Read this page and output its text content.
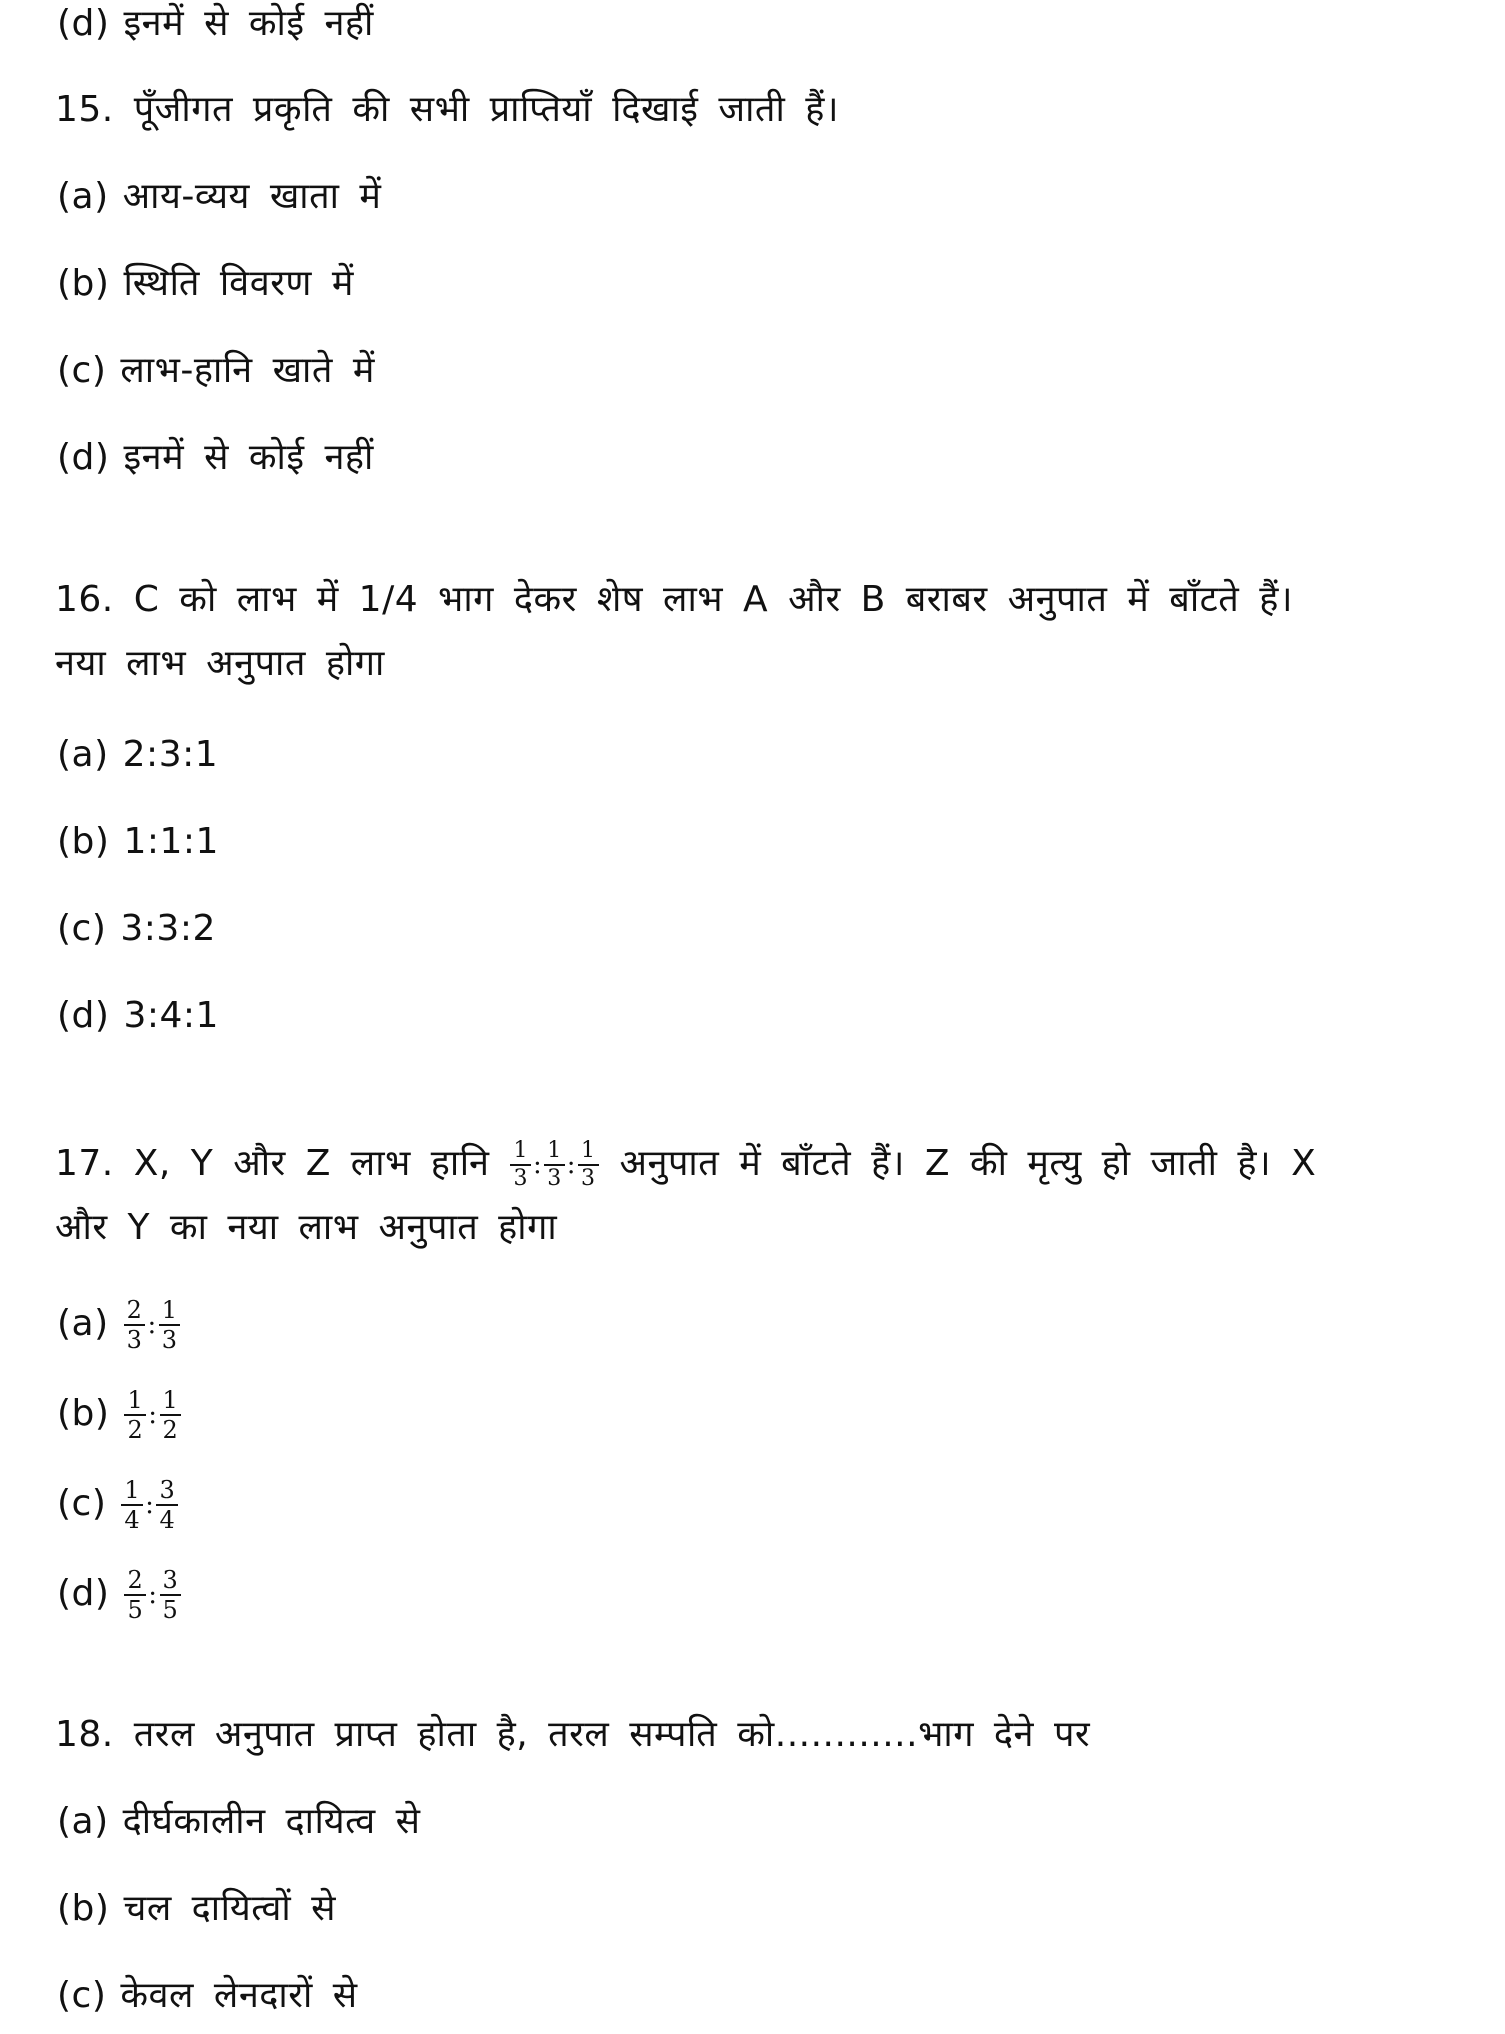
(d) इनमें से कोई नहीं
15. पूँजीगत प्रकृति की सभी प्राप्तियाँ दिखाई जाती हैं।
(a) आय-व्यय खाता में
(b) स्थिति विवरण में
(c) लाभ-हानि खाते में
(d) इनमें से कोई नहीं
16. C को लाभ में 1/4 भाग देकर शेष लाभ A और B बराबर अनुपात में बाँटते हैं।
नया लाभ अनुपात होगा
(a) 2:3:1
(b) 1:1:1
(c) 3:3:2
(d) 3:4:1
17. X, Y और Z लाभ हानि $\frac{1}{3}$ : $\frac{1}{3}$ : $\frac{1}{3}$ अनुपात में बाँटते हैं। Z की मृत्यु हो जाती है। X
और Y का नया लाभ अनुपात होगा
$(a) \frac{2}{3}$ : $\frac{1}{3}$
$(b) \frac{1}{2}$ : $\frac{1}{2}$
$(c) \frac{1}{4}$ : $\frac{3}{4}$
$(d) \frac{2}{5}$ : $\frac{3}{5}$
18. तरल अनुपात प्राप्त होता है, तरल सम्पति को............भाग देने पर
(a) दीर्घकालीन दायित्व से
(b) चल दायित्वों से
(c) केवल लेनदारों से
